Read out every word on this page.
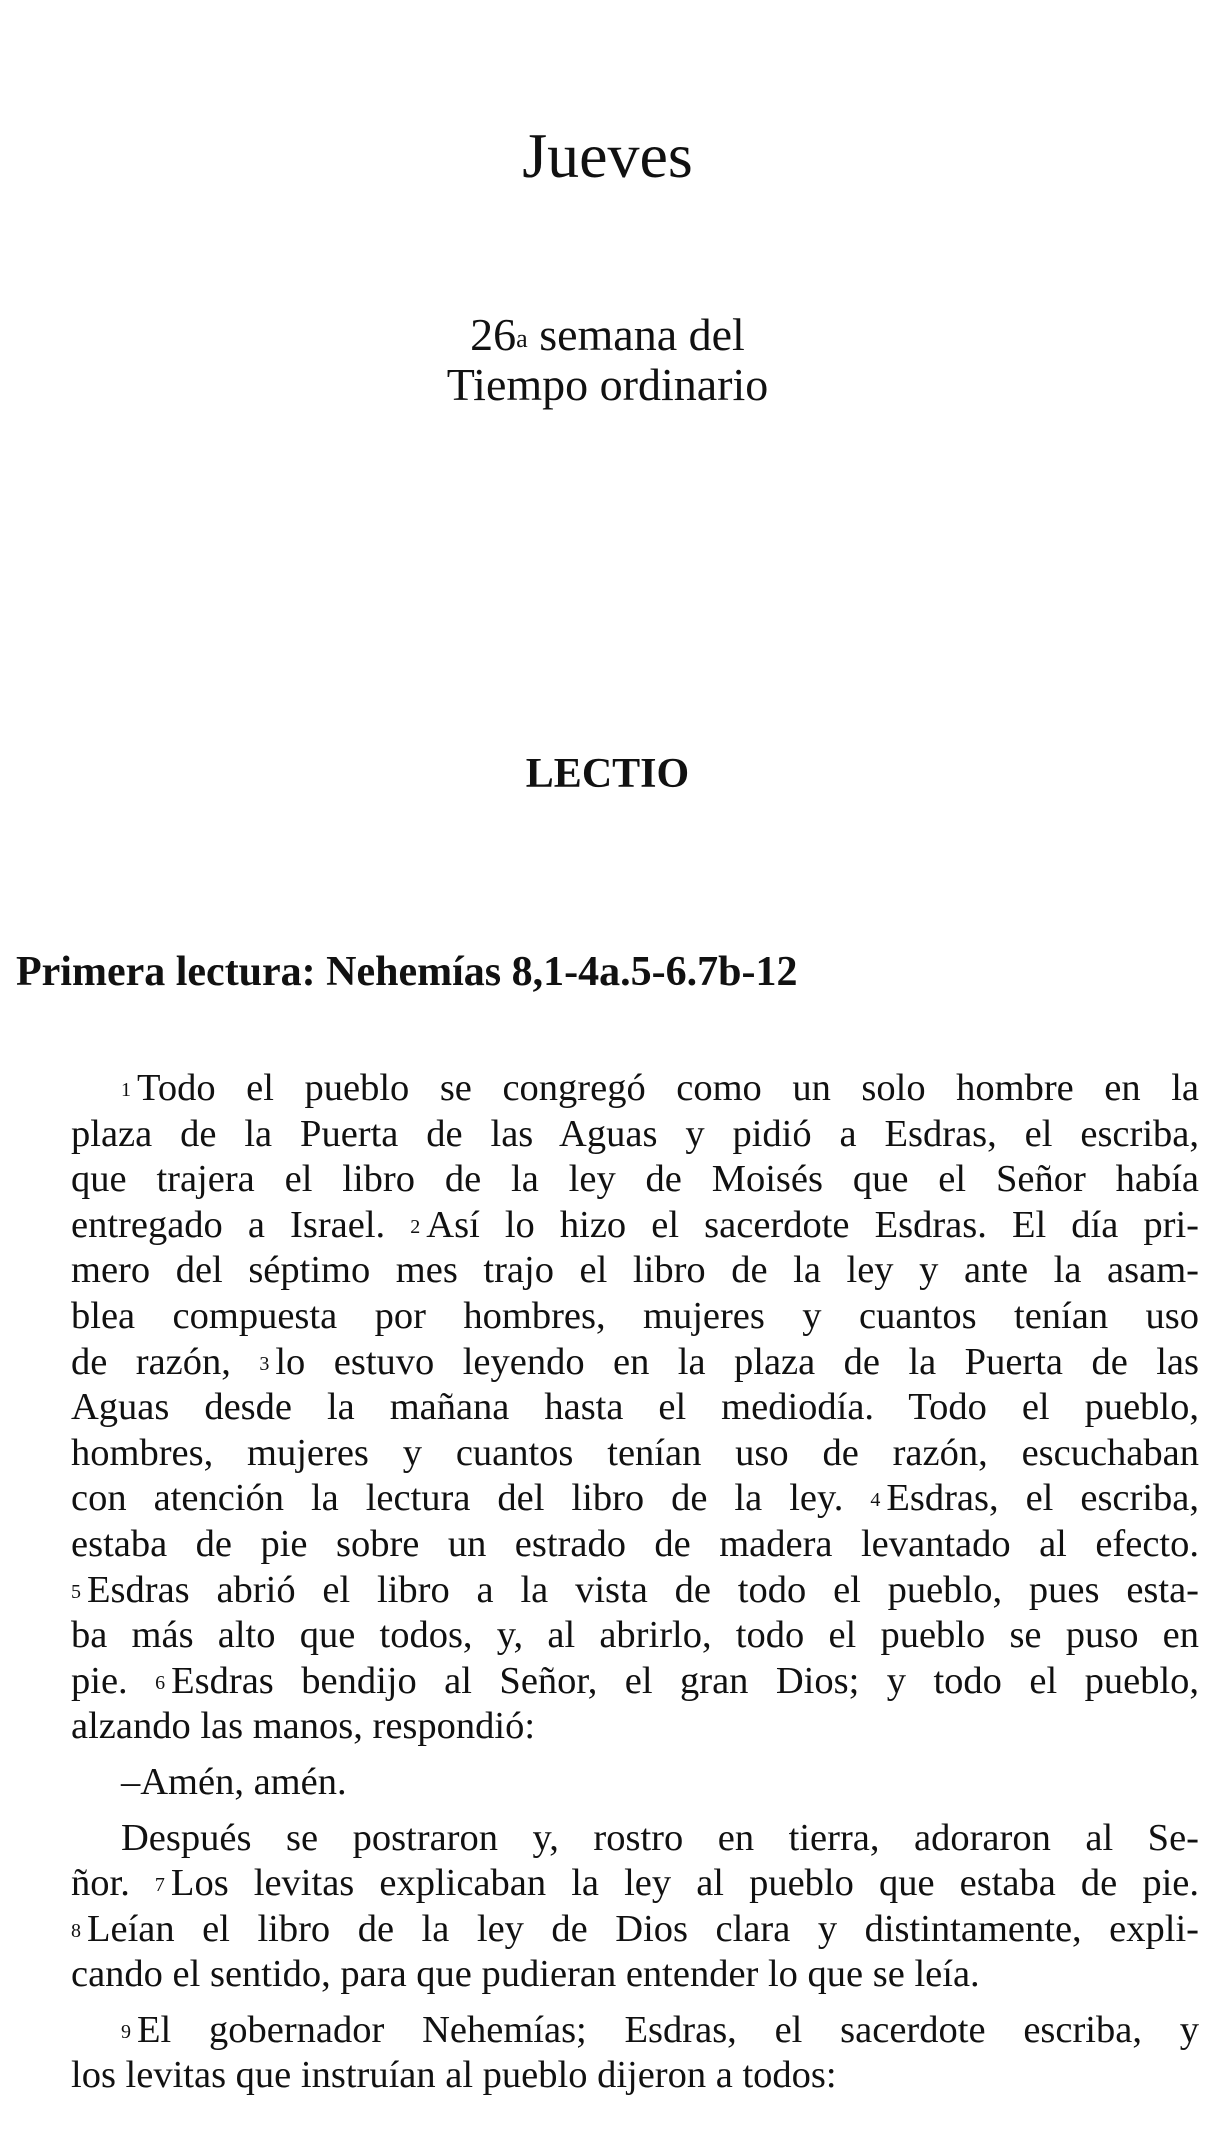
Jueves
26$^a$ semana del
Tiempo ordinario
LECTIO
Primera lectura: Nehemías 8,1-4a.5-6.7b-12
$^1$ Todo el pueblo se congregó como un solo hombre en la
plaza de la Puerta de las Aguas y pidió a Esdras, el escriba,
que trajera el libro de la ley de Moisés que el Señor había
entregado a Israel. $^2$ Así lo hizo el sacerdote Esdras. El día pri-
mero del séptimo mes trajo el libro de la ley y ante la asam-
blea compuesta por hombres, mujeres y cuantos tenían uso
de razón, $^3$ lo estuvo leyendo en la plaza de la Puerta de las
Aguas desde la mañana hasta el mediodía. Todo el pueblo,
hombres, mujeres y cuantos tenían uso de razón, escuchaban
con atención la lectura del libro de la ley. $^4$ Esdras, el escriba,
estaba de pie sobre un estrado de madera levantado al efecto.
$^5$ Esdras abrió el libro a la vista de todo el pueblo, pues esta-
ba más alto que todos, y, al abrirlo, todo el pueblo se puso en
pie. $^6$ Esdras bendijo al Señor, el gran Dios; y todo el pueblo,
alzando las manos, respondió:
–Amén, amén.
Después se postraron y, rostro en tierra, adoraron al Se-
ñor. $^7$ Los levitas explicaban la ley al pueblo que estaba de pie.
$^8$ Leían el libro de la ley de Dios clara y distintamente, expli-
cando el sentido, para que pudieran entender lo que se leía.
$^9$ El gobernador Nehemías; Esdras, el sacerdote escriba, y
los levitas que instruían al pueblo dijeron a todos:
